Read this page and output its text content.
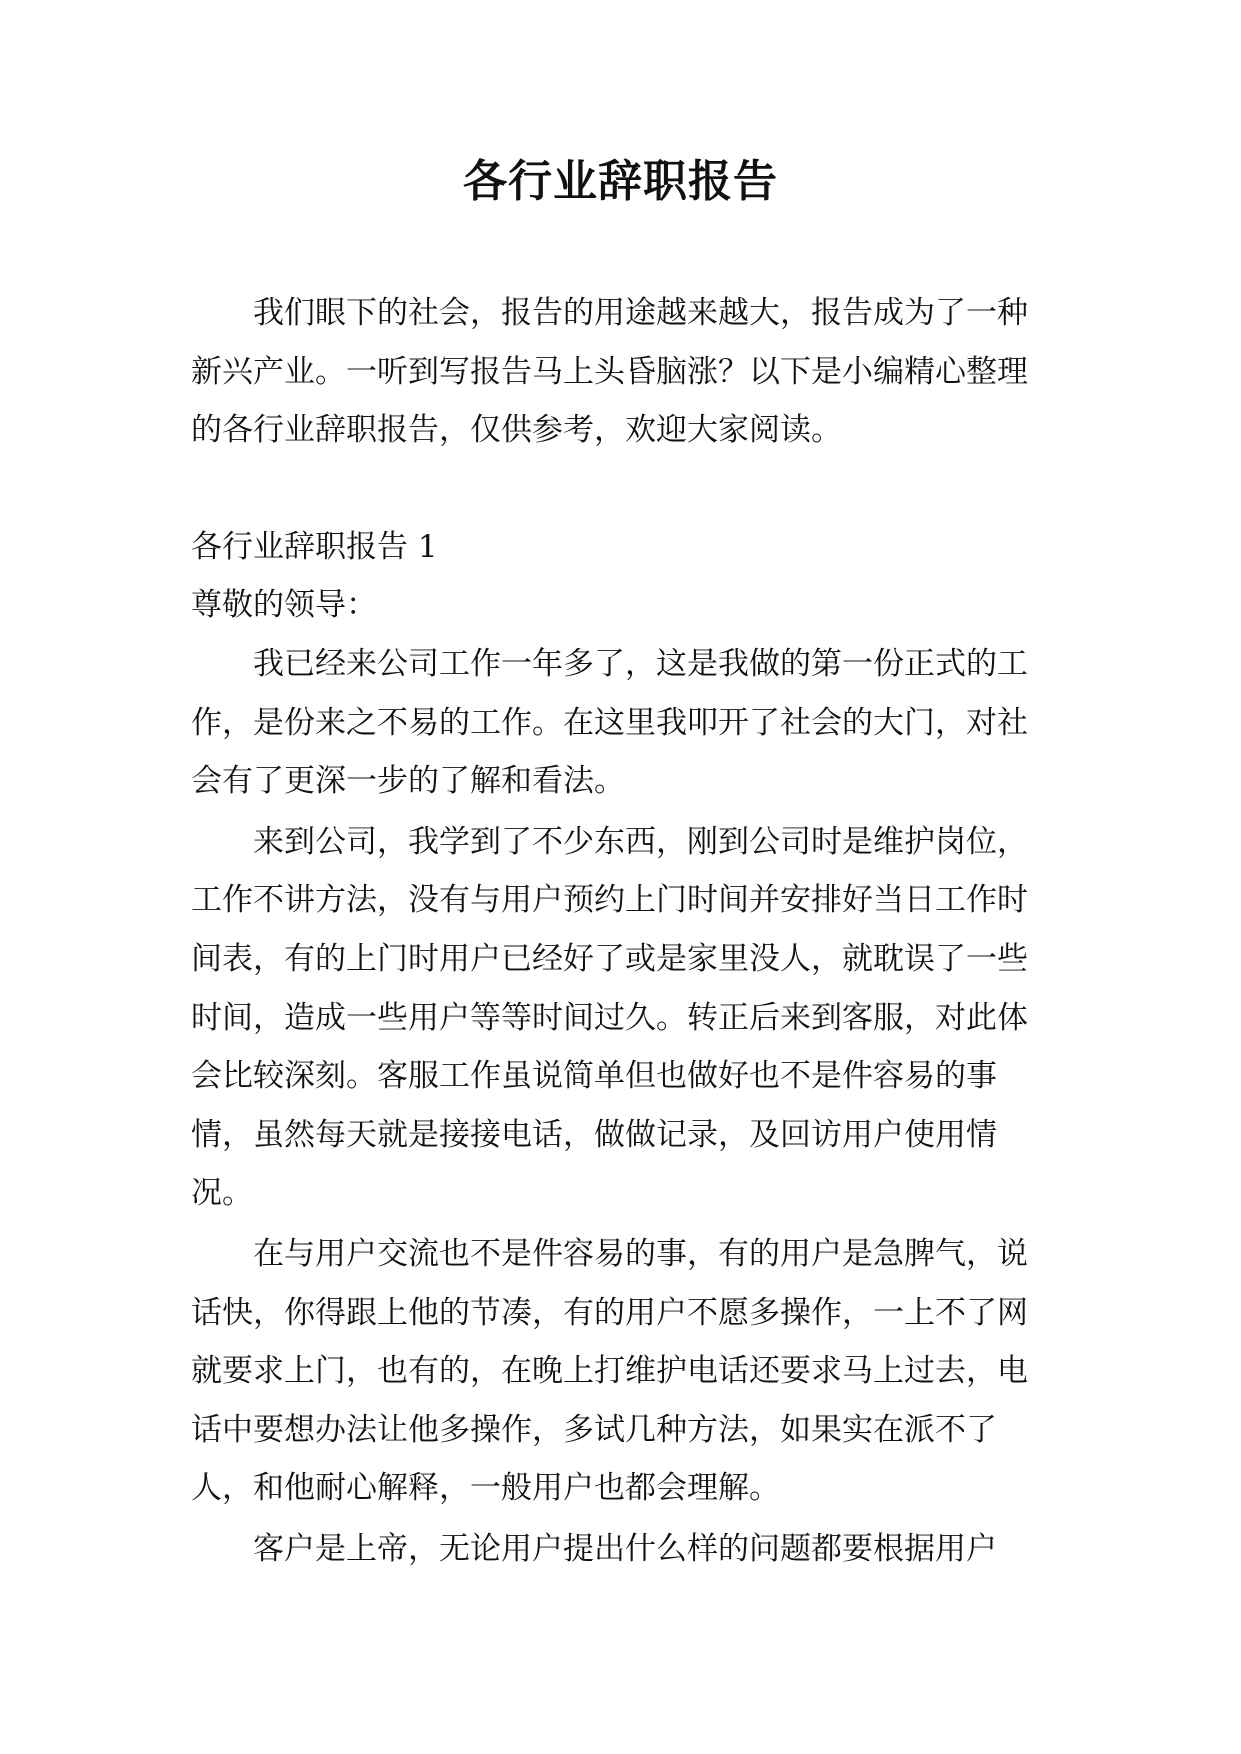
各行业辞职报告

我们眼下的社会，报告的用途越来越大，报告成为了一种新兴产业。一听到写报告马上头昏脑涨？以下是小编精心整理的各行业辞职报告，仅供参考，欢迎大家阅读。

各行业辞职报告 1

尊敬的领导：

我已经来公司工作一年多了，这是我做的第一份正式的工作，是份来之不易的工作。在这里我叩开了社会的大门，对社会有了更深一步的了解和看法。

来到公司，我学到了不少东西，刚到公司时是维护岗位，工作不讲方法，没有与用户预约上门时间并安排好当日工作时间表，有的上门时用户已经好了或是家里没人，就耽误了一些时间，造成一些用户等等时间过久。转正后来到客服，对此体会比较深刻。客服工作虽说简单但也做好也不是件容易的事情，虽然每天就是接接电话，做做记录，及回访用户使用情况。

在与用户交流也不是件容易的事，有的用户是急脾气，说话快，你得跟上他的节凑，有的用户不愿多操作，一上不了网就要求上门，也有的，在晚上打维护电话还要求马上过去，电话中要想办法让他多操作，多试几种方法，如果实在派不了人，和他耐心解释，一般用户也都会理解。

客户是上帝，无论用户提出什么样的问题都要根据用户
